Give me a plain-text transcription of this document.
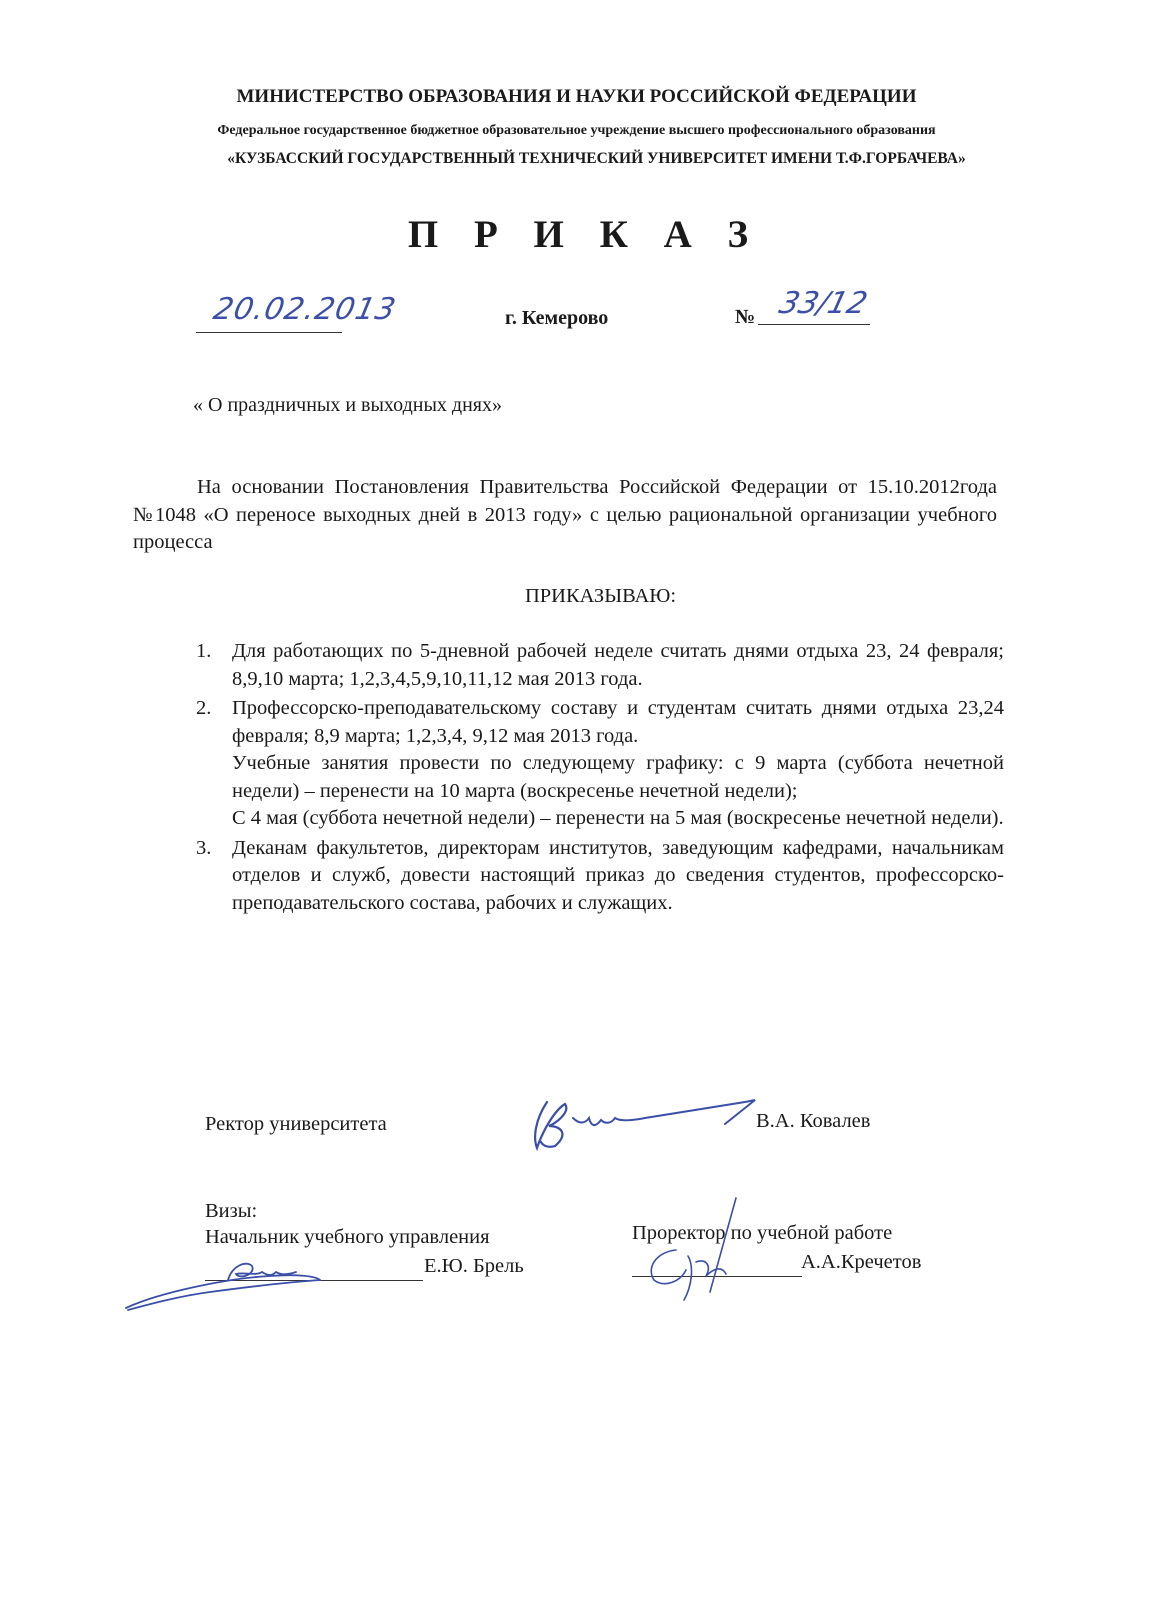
МИНИСТЕРСТВО ОБРАЗОВАНИЯ И НАУКИ РОССИЙСКОЙ ФЕДЕРАЦИИ
Федеральное государственное бюджетное образовательное учреждение высшего профессионального образования
«КУЗБАССКИЙ ГОСУДАРСТВЕННЫЙ ТЕХНИЧЕСКИЙ УНИВЕРСИТЕТ ИМЕНИ Т.Ф.ГОРБАЧЕВА»
П Р И К А З
20.02.2013	г. Кемерово	№ 33/12
« О праздничных и выходных днях»
На основании Постановления Правительства Российской Федерации от 15.10.2012года №1048 «О переносе выходных дней в 2013 году» с целью рациональной организации учебного процесса
ПРИКАЗЫВАЮ:
1. Для работающих по 5-дневной рабочей неделе считать днями отдыха 23, 24 февраля; 8,9,10 марта; 1,2,3,4,5,9,10,11,12 мая 2013 года.
2. Профессорско-преподавательскому составу и студентам считать днями отдыха 23,24 февраля; 8,9 марта; 1,2,3,4, 9,12 мая 2013 года.
Учебные занятия провести по следующему графику: с 9 марта (суббота нечетной недели) – перенести на 10 марта (воскресенье нечетной недели);
С 4 мая (суббота нечетной недели) – перенести на 5 мая (воскресенье нечетной недели).
3. Деканам факультетов, директорам институтов, заведующим кафедрами, начальникам отделов и служб, довести настоящий приказ до сведения студентов, профессорско-преподавательского состава, рабочих и служащих.
Ректор университета	В.А. Ковалев
Визы:
Начальник учебного управления	Проректор по учебной работе
Е.Ю. Брель	А.А.Кречетов
